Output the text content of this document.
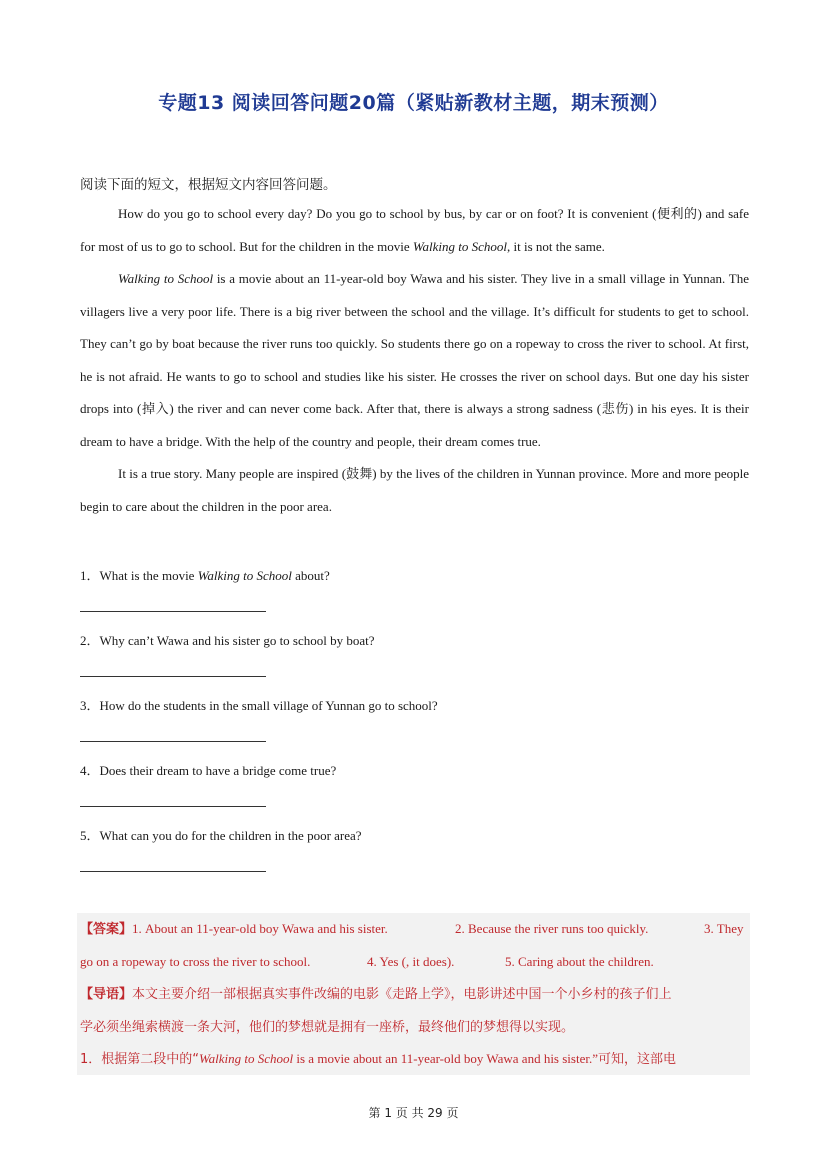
专题13 阅读回答问题20篇（紧贴新教材主题，期末预测）
阅读下面的短文，根据短文内容回答问题。

How do you go to school every day? Do you go to school by bus, by car or on foot? It is convenient (便利的) and safe for most of us to go to school. But for the children in the movie Walking to School, it is not the same.

Walking to School is a movie about an 11-year-old boy Wawa and his sister. They live in a small village in Yunnan. The villagers live a very poor life. There is a big river between the school and the village. It’s difficult for students to get to school. They can’t go by boat because the river runs too quickly. So students there go on a ropeway to cross the river to school. At first, he is not afraid. He wants to go to school and studies like his sister. He crosses the river on school days. But one day his sister drops into (掉入) the river and can never come back. After that, there is always a strong sadness (悲伤) in his eyes. It is their dream to have a bridge. With the help of the country and people, their dream comes true.

It is a true story. Many people are inspired (鼓舞) by the lives of the children in Yunnan province. More and more people begin to care about the children in the poor area.

1．What is the movie Walking to School about?
2．Why can’t Wawa and his sister go to school by boat?
3．How do the students in the small village of Yunnan go to school?
4．Does their dream to have a bridge come true?
5．What can you do for the children in the poor area?
【答案】1. About an 11-year-old boy Wawa and his sister.	2. Because the river runs too quickly.	3. They
go on a ropeway to cross the river to school.	4. Yes (, it does).	5. Caring about the children.
【导语】本文主要介绍一部根据真实事件改编的电影《走路上学》，电影讲述中国一个小乡村的孩子们上
学必须坐绳索横渡一条大河，他们的梦想就是拥有一座桥，最终他们的梦想得以实现。
1．根据第二段中的“Walking to School is a movie about an 11-year-old boy Wawa and his sister.”可知，这部电
第 1 页 共 29 页
